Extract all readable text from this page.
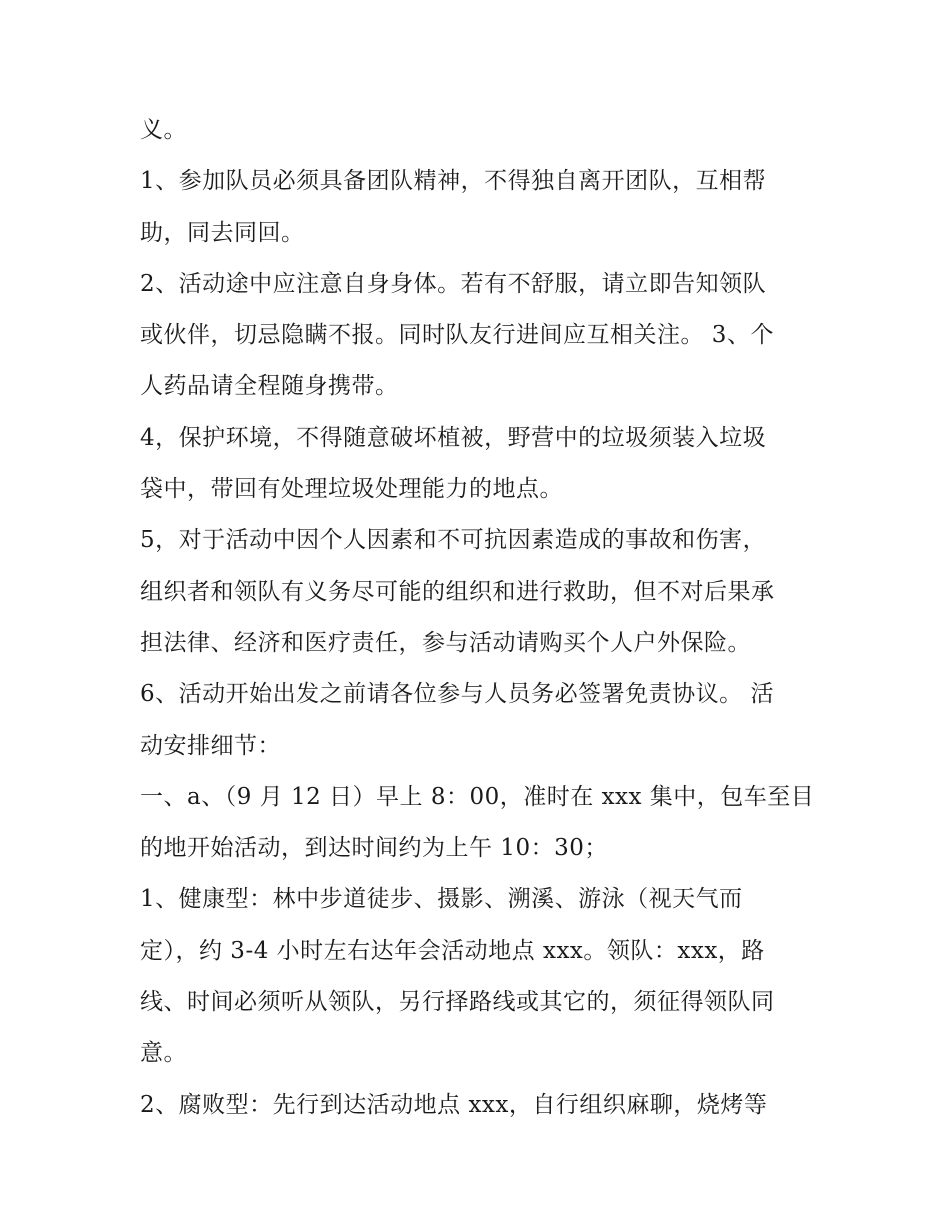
义。
1、参加队员必须具备团队精神，不得独自离开团队，互相帮
助，同去同回。
2、活动途中应注意自身身体。若有不舒服，请立即告知领队
或伙伴，切忌隐瞒不报。同时队友行进间应互相关注。 3、个
人药品请全程随身携带。
4，保护环境，不得随意破坏植被，野营中的垃圾须装入垃圾
袋中，带回有处理垃圾处理能力的地点。
5，对于活动中因个人因素和不可抗因素造成的事故和伤害，
组织者和领队有义务尽可能的组织和进行救助，但不对后果承
担法律、经济和医疗责任，参与活动请购买个人户外保险。
6、活动开始出发之前请各位参与人员务必签署免责协议。 活
动安排细节：
一、a、（9 月 12 日）早上 8：00，准时在 xxx 集中，包车至目
的地开始活动，到达时间约为上午 10：30；
1、健康型：林中步道徒步、摄影、溯溪、游泳（视天气而
定），约 3-4 小时左右达年会活动地点 xxx。领队：xxx，路
线、时间必须听从领队，另行择路线或其它的，须征得领队同
意。
2、腐败型：先行到达活动地点 xxx，自行组织麻聊，烧烤等
